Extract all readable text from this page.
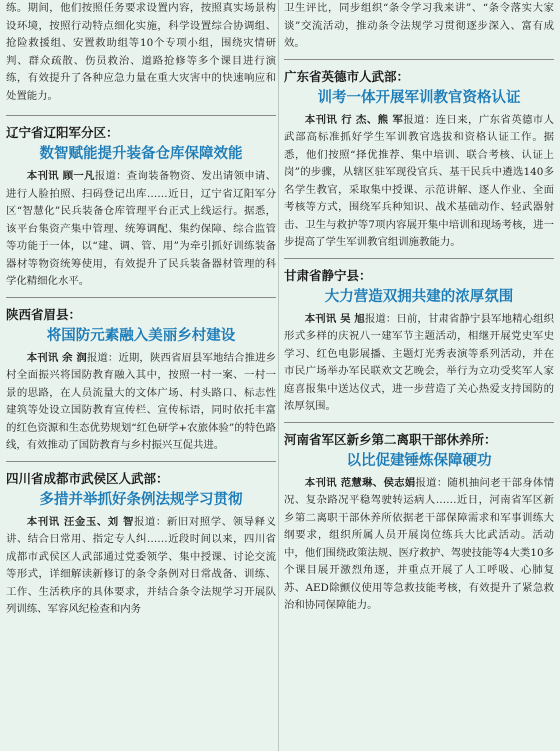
练。期间，他们按照任务要求设置内容，按照真实场景构设环境，按照行动特点细化实施，科学设置综合协调组、抢险救援组、安置救助组等10个专项小组，围绕灾情研判、群众疏散、伤员救治、道路抢修等多个课目进行演练，有效提升了各种应急力量在重大灾害中的快速响应和处置能力。

辽宁省辽阳军分区：

数智赋能提升装备仓库保障效能

本刊讯 顾一凡报道：查询装备物资、发出请领申请、进行人脸拍照、扫码登记出库……近日，辽宁省辽阳军分区“智慧化”民兵装备仓库管理平台正式上线运行。据悉，该平台集资产集中管理、统筹调配、集约保障、综合监管等功能于一体，以“建、调、管、用”为牵引抓好训练装备器材等物资统筹使用，有效提升了民兵装备器材管理的科学化精细化水平。

陕西省眉县：

将国防元素融入美丽乡村建设

本刊讯 余 润报道：近期，陕西省眉县军地结合推进乡村全面振兴将国防教育融入其中，按照一村一案、一村一景的思路，在人员流量大的文体广场、村头路口、标志性建筑等处设立国防教育宣传栏、宣传标语，同时依托丰富的红色资源和生态优势规划“红色研学+农旅体验”的特色路线，有效推动了国防教育与乡村振兴互促共进。

四川省成都市武侯区人武部：

多措并举抓好条例法规学习贯彻

本刊讯 汪金玉、刘 智报道：新旧对照学、领导释义讲、结合日常用、指定专人纠……近段时间以来，四川省成都市武侯区人武部通过党委领学、集中授课、讨论交流等形式，详细解读新修订的条令条例对日常战备、训练、工作、生活秩序的具体要求，并结合条令法规学习开展队列训练、军容风纪检查和内务

卫生评比，同步组织“条令学习我来讲”、“条令落实大家谈”交流活动，推动条令法规学习贯彻逐步深入、富有成效。

广东省英德市人武部：

训考一体开展军训教官资格认证

本刊讯 行 杰、熊 军报道：连日来，广东省英德市人武部高标准抓好学生军训教官选拔和资格认证工作。据悉，他们按照“择优推荐、集中培训、联合考核、认证上岗”的步骤，从辖区驻军现役官兵、基干民兵中遴选140多名学生教官，采取集中授课、示范讲解、逐人作业、全面考核等方式，围绕军兵种知识、战术基础动作、轻武器射击、卫生与救护等7项内容展开集中培训和现场考核，进一步提高了学生军训教官组训施教能力。

甘肃省静宁县：

大力营造双拥共建的浓厚氛围

本刊讯 吴 旭报道：日前，甘肃省静宁县军地精心组织形式多样的庆祝八一建军节主题活动，相继开展党史军史学习、红色电影展播、主题灯光秀表演等系列活动，并在市民广场举办军民联欢文艺晚会，举行为立功受奖军人家庭喜报集中送达仪式，进一步营造了关心热爱支持国防的浓厚氛围。

河南省军区新乡第二离职干部休养所：

以比促建锤炼保障硬功

本刊讯 范慧琳、侯志娟报道：随机抽问老干部身体情况、复杂路况平稳驾驶转运病人……近日，河南省军区新乡第二离职干部休养所依据老干部保障需求和军事训练大纲要求，组织所属人员开展岗位练兵大比武活动。活动中，他们围绕政策法规、医疗救护、驾驶技能等4大类10多个课目展开激烈角逐，并重点开展了人工呼吸、心肺复苏、AED除颤仪使用等急救技能考核，有效提升了紧急救治和协同保障能力。
